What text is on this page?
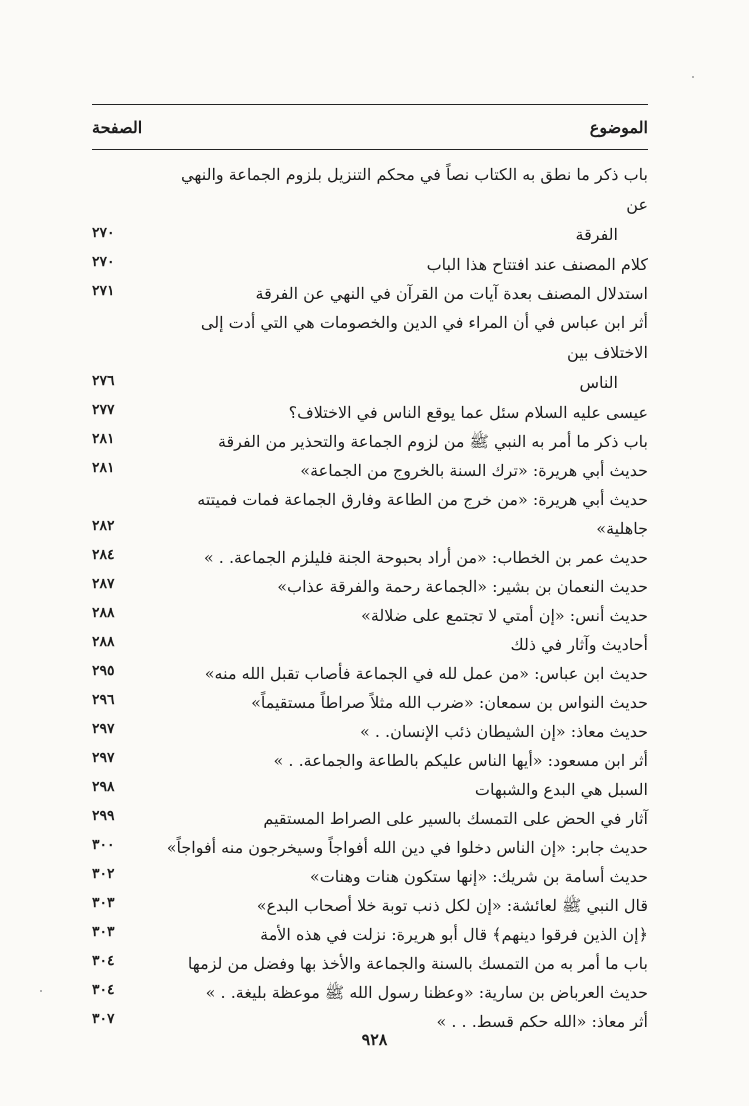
الموضوع
الصفحة
باب ذكر ما نطق به الكتاب نصاً في محكم التنزيل بلزوم الجماعة والنهي عن
الفرقة
٢٧٠
كلام المصنف عند افتتاح هذا الباب
٢٧٠
استدلال المصنف بعدة آيات من القرآن في النهي عن الفرقة
٢٧١
أثر ابن عباس في أن المراء في الدين والخصومات هي التي أدت إلى الاختلاف بين
الناس
٢٧٦
عيسى عليه السلام سئل عما يوقع الناس في الاختلاف؟
٢٧٧
باب ذكر ما أمر به النبي ﷺ من لزوم الجماعة والتحذير من الفرقة
٢٨١
حديث أبي هريرة: «ترك السنة بالخروج من الجماعة»
٢٨١
حديث أبي هريرة: «من خرج من الطاعة وفارق الجماعة فمات فميتته جاهلية»
٢٨٢
حديث عمر بن الخطاب: «من أراد بحبوحة الجنة فليلزم الجماعة. . »
٢٨٤
حديث النعمان بن بشير: «الجماعة رحمة والفرقة عذاب»
٢٨٧
حديث أنس: «إن أمتي لا تجتمع على ضلالة»
٢٨٨
أحاديث وآثار في ذلك
٢٨٨
حديث ابن عباس: «من عمل لله في الجماعة فأصاب تقبل الله منه»
٢٩٥
حديث النواس بن سمعان: «ضرب الله مثلاً صراطاً مستقيماً»
٢٩٦
حديث معاذ: «إن الشيطان ذئب الإنسان. . »
٢٩٧
أثر ابن مسعود: «أيها الناس عليكم بالطاعة والجماعة. . »
٢٩٧
السبل هي البدع والشبهات
٢٩٨
آثار في الحض على التمسك بالسير على الصراط المستقيم
٢٩٩
حديث جابر: «إن الناس دخلوا في دين الله أفواجاً وسيخرجون منه أفواجاً»
٣٠٠
حديث أسامة بن شريك: «إنها ستكون هنات وهنات»
٣٠٢
قال النبي ﷺ لعائشة: «إن لكل ذنب توبة خلا أصحاب البدع»
٣٠٣
﴿إن الذين فرقوا دينهم﴾ قال أبو هريرة: نزلت في هذه الأمة
٣٠٣
باب ما أمر به من التمسك بالسنة والجماعة والأخذ بها وفضل من لزمها
٣٠٤
حديث العرباض بن سارية: «وعظنا رسول الله ﷺ موعظة بليغة. . »
٣٠٤
أثر معاذ: «الله حكم قسط. . . »
٣٠٧
٩٢٨
